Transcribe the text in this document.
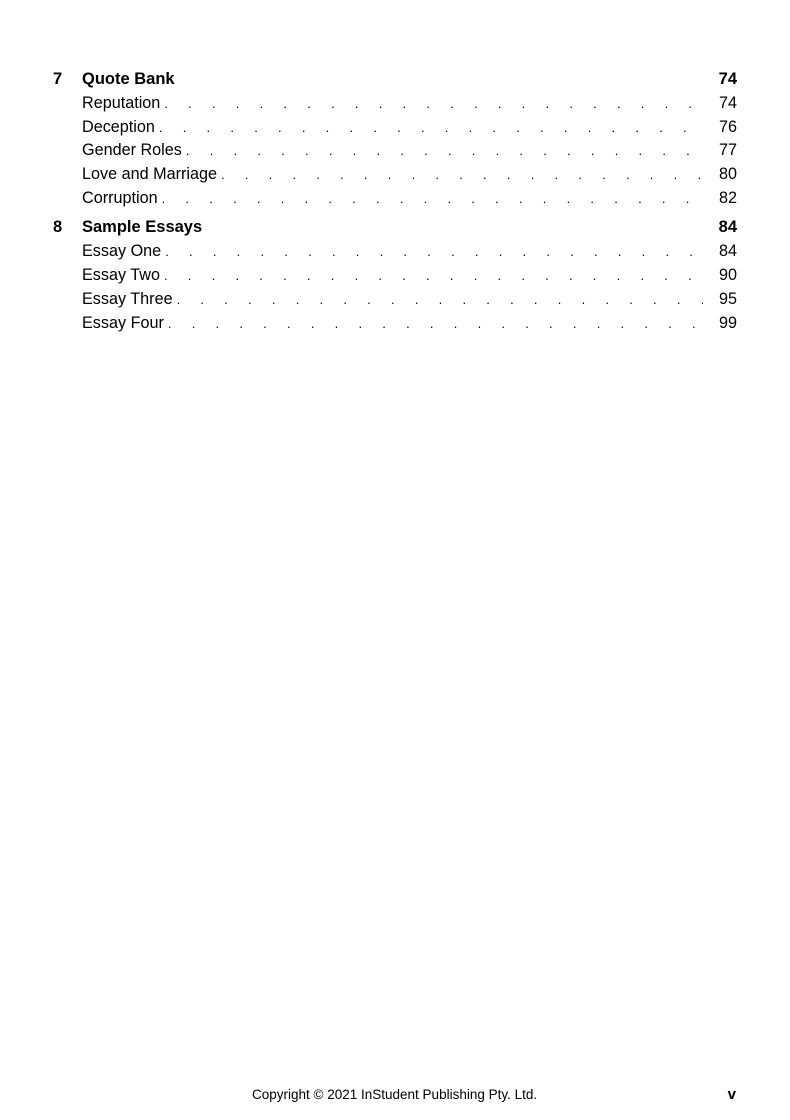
7	Quote Bank	74
Reputation . . .	74
Deception . . .	76
Gender Roles . . .	77
Love and Marriage . . .	80
Corruption . . .	82
8	Sample Essays	84
Essay One . . .	84
Essay Two . . .	90
Essay Three . . .	95
Essay Four . . .	99
Copyright © 2021 InStudent Publishing Pty. Ltd.	v
